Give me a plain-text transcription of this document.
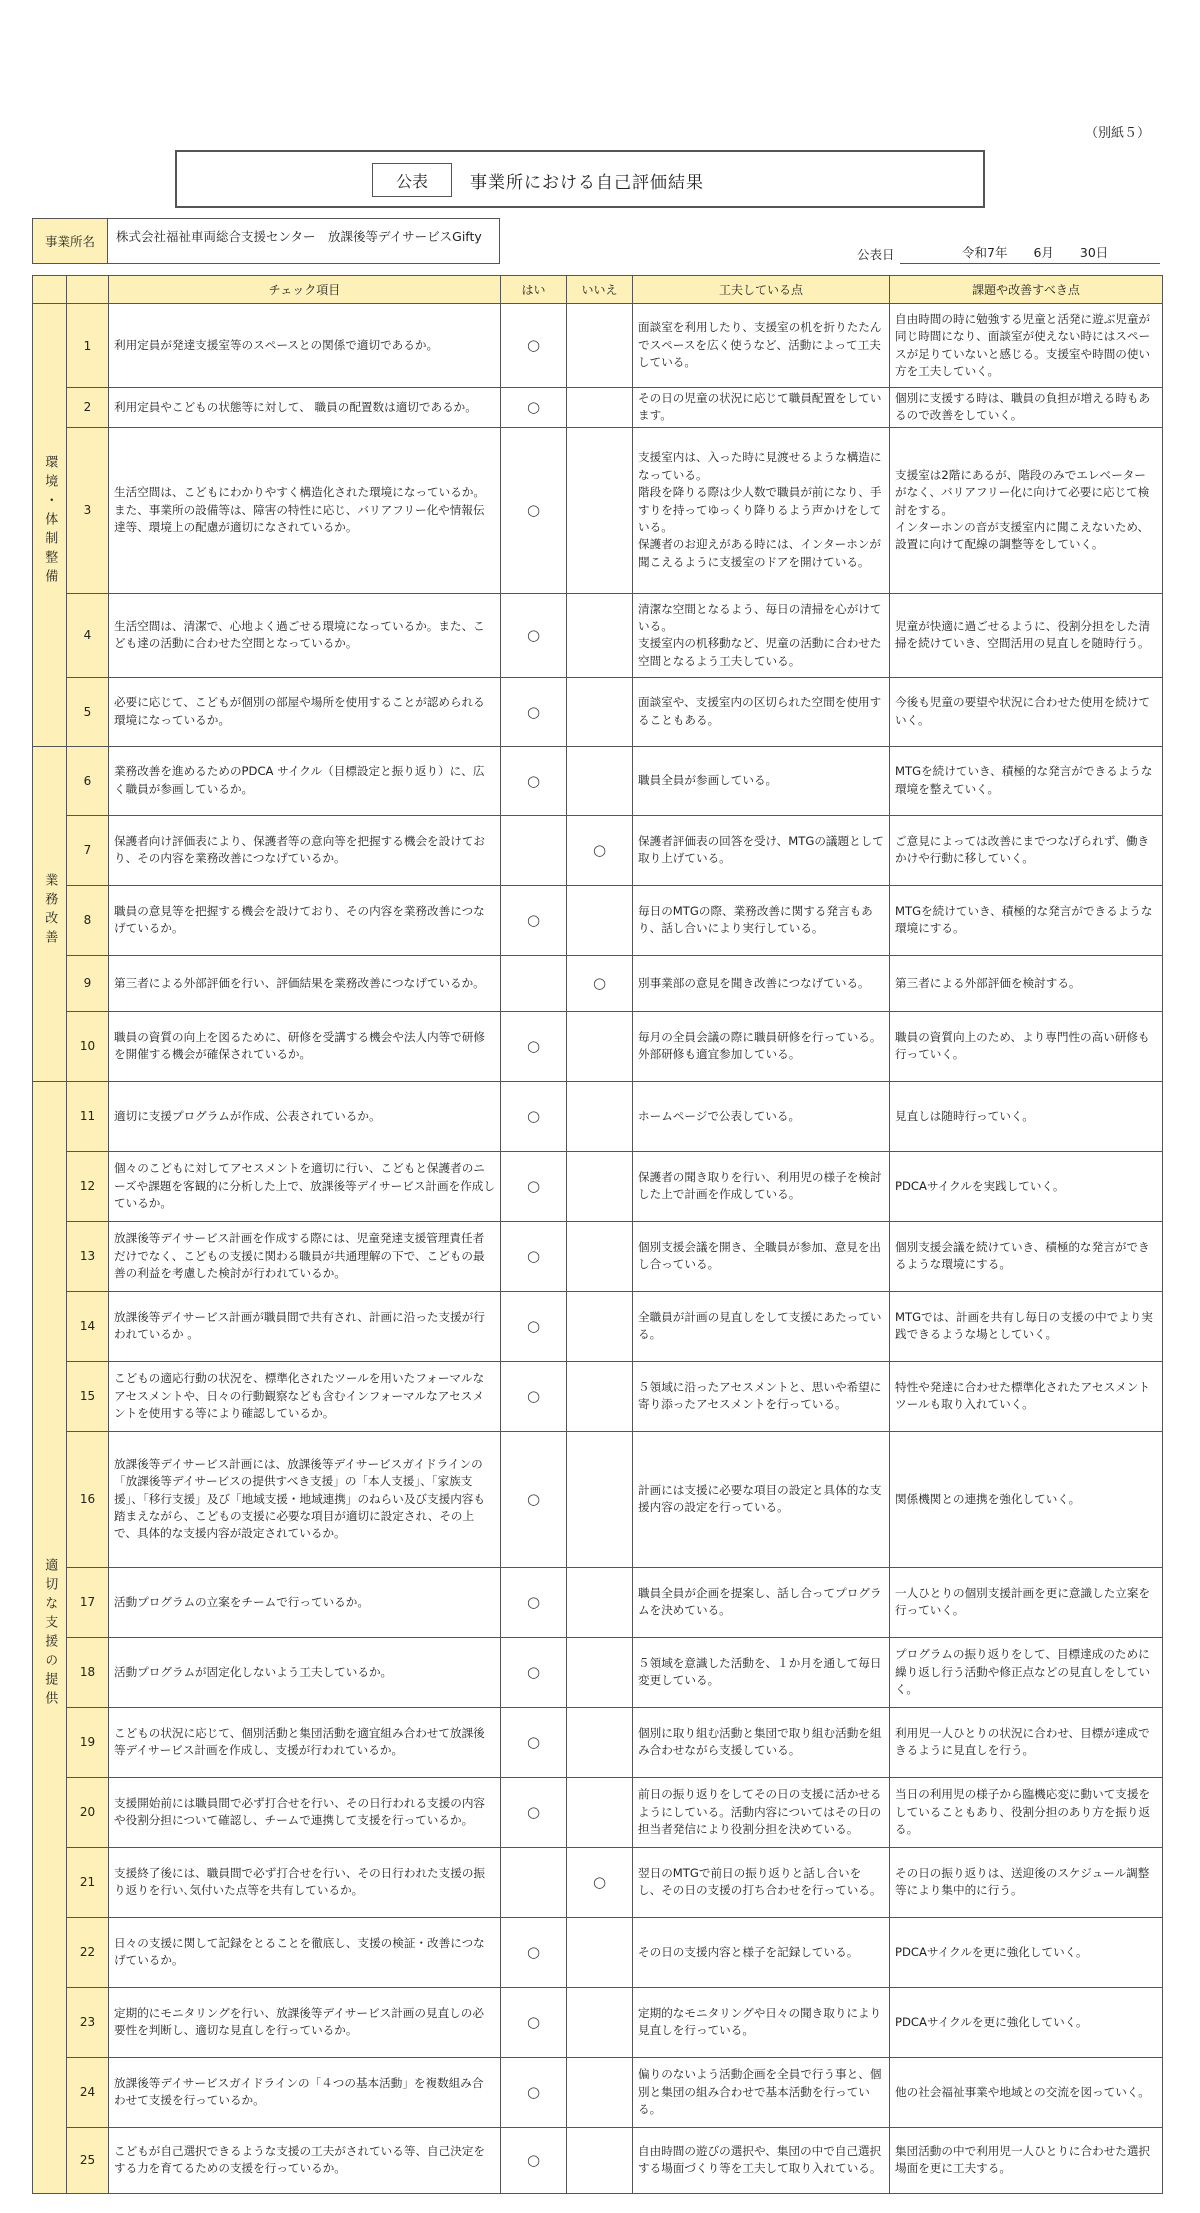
（別紙５）
公表	事業所における自己評価結果
事業所名	株式会社福祉車両総合支援センター　放課後等デイサービスGifty
公表日	令和7年 6月 30日
		チェック項目	はい	いいえ	工夫している点	課題や改善すべき点
環境・体制整備	1	利用定員が発達支援室等のスペースとの関係で適切であるか。	○		面談室を利用したり、支援室の机を折りたたんでスペースを広く使うなど、活動によって工夫している。	自由時間の時に勉強する児童と活発に遊ぶ児童が同じ時間になり、面談室が使えない時にはスペースが足りていないと感じる。支援室や時間の使い方を工夫していく。
	2	利用定員やこどもの状態等に対して、 職員の配置数は適切であるか。	○		その日の児童の状況に応じて職員配置をしています。	個別に支援する時は、職員の負担が増える時もあるので改善をしていく。
	3	生活空間は、こどもにわかりやすく構造化された環境になっているか。また、事業所の設備等は、障害の特性に応じ、バリアフリー化や情報伝達等、環境上の配慮が適切になされているか。	○		支援室内は、入った時に見渡せるような構造になっている。
階段を降りる際は少人数で職員が前になり、手すりを持ってゆっくり降りるよう声かけをしている。
保護者のお迎えがある時には、インターホンが聞こえるように支援室のドアを開けている。	支援室は2階にあるが、階段のみでエレベーターがなく、バリアフリー化に向けて必要に応じて検討をする。
インターホンの音が支援室内に聞こえないため、設置に向けて配線の調整等をしていく。
	4	生活空間は、清潔で、心地よく過ごせる環境になっているか。また、こども達の活動に合わせた空間となっているか。	○		清潔な空間となるよう、毎日の清掃を心がけている。
支援室内の机移動など、児童の活動に合わせた空間となるよう工夫している。	児童が快適に過ごせるように、役割分担をした清掃を続けていき、空間活用の見直しを随時行う。
	5	必要に応じて、こどもが個別の部屋や場所を使用することが認められる環境になっているか。	○		面談室や、支援室内の区切られた空間を使用することもある。	今後も児童の要望や状況に合わせた使用を続けていく。
業務改善	6	業務改善を進めるためのPDCA サイクル（目標設定と振り返り）に、広く職員が参画しているか。	○		職員全員が参画している。	MTGを続けていき、積極的な発言ができるような環境を整えていく。
	7	保護者向け評価表により、保護者等の意向等を把握する機会を設けており、その内容を業務改善につなげているか。		○	保護者評価表の回答を受け、MTGの議題として取り上げている。	ご意見によっては改善にまでつなげられず、働きかけや行動に移していく。
	8	職員の意見等を把握する機会を設けており、その内容を業務改善につなげているか。	○		毎日のMTGの際、業務改善に関する発言もあり、話し合いにより実行している。	MTGを続けていき、積極的な発言ができるような環境にする。
	9	第三者による外部評価を行い、評価結果を業務改善につなげているか。		○	別事業部の意見を聞き改善につなげている。	第三者による外部評価を検討する。
	10	職員の資質の向上を図るために、研修を受講する機会や法人内等で研修を開催する機会が確保されているか。	○		毎月の全員会議の際に職員研修を行っている。
外部研修も適宜参加している。	職員の資質向上のため、より専門性の高い研修も行っていく。
適切な支援の提供	11	適切に支援プログラムが作成、公表されているか。	○		ホームページで公表している。	見直しは随時行っていく。
	12	個々のこどもに対してアセスメントを適切に行い、こどもと保護者のニーズや課題を客観的に分析した上で、放課後等デイサービス計画を作成しているか。	○		保護者の聞き取りを行い、利用児の様子を検討した上で計画を作成している。	PDCAサイクルを実践していく。
	13	放課後等デイサービス計画を作成する際には、児童発達支援管理責任者だけでなく、こどもの支援に関わる職員が共通理解の下で、こどもの最善の利益を考慮した検討が行われているか。	○		個別支援会議を開き、全職員が参加、意見を出し合っている。	個別支援会議を続けていき、積極的な発言ができるような環境にする。
	14	放課後等デイサービス計画が職員間で共有され、計画に沿った支援が行われているか 。	○		全職員が計画の見直しをして支援にあたっている。	MTGでは、計画を共有し毎日の支援の中でより実践できるような場としていく。
	15	こどもの適応行動の状況を、標準化されたツールを用いたフォーマルなアセスメントや、日々の行動観察なども含むインフォーマルなアセスメントを使用する等により確認しているか。	○		５領域に沿ったアセスメントと、思いや希望に寄り添ったアセスメントを行っている。	特性や発達に合わせた標準化されたアセスメントツールも取り入れていく。
	16	放課後等デイサービス計画には、放課後等デイサービスガイドラインの「放課後等デイサービスの提供すべき支援」の「本人支援」、「家族支援」、「移行支援」及び「地域支援・地域連携」のねらい及び支援内容も踏まえながら、こどもの支援に必要な項目が適切に設定され、その上で、具体的な支援内容が設定されているか。	○		計画には支援に必要な項目の設定と具体的な支援内容の設定を行っている。	関係機関との連携を強化していく。
	17	活動プログラムの立案をチームで行っているか。	○		職員全員が企画を提案し、話し合ってプログラムを決めている。	一人ひとりの個別支援計画を更に意識した立案を行っていく。
	18	活動プログラムが固定化しないよう工夫しているか。	○		５領域を意識した活動を、１か月を通して毎日変更している。	プログラムの振り返りをして、目標達成のために繰り返し行う活動や修正点などの見直しをしていく。
	19	こどもの状況に応じて、個別活動と集団活動を適宜組み合わせて放課後等デイサービス計画を作成し、支援が行われているか。	○		個別に取り組む活動と集団で取り組む活動を組み合わせながら支援している。	利用児一人ひとりの状況に合わせ、目標が達成できるように見直しを行う。
	20	支援開始前には職員間で必ず打合せを行い、その日行われる支援の内容や役割分担について確認し、チームで連携して支援を行っているか。	○		前日の振り返りをしてその日の支援に活かせるようにしている。活動内容についてはその日の担当者発信により役割分担を決めている。	当日の利用児の様子から臨機応変に動いて支援をしていることもあり、役割分担のあり方を振り返る。
	21	支援終了後には、職員間で必ず打合せを行い、その日行われた支援の振り返りを行い､気付いた点等を共有しているか。		○	翌日のMTGで前日の振り返りと話し合いをし、その日の支援の打ち合わせを行っている。	その日の振り返りは、送迎後のスケジュール調整等により集中的に行う。
	22	日々の支援に関して記録をとることを徹底し、支援の検証・改善につなげているか。	○		その日の支援内容と様子を記録している。	PDCAサイクルを更に強化していく。
	23	定期的にモニタリングを行い、放課後等デイサービス計画の見直しの必要性を判断し、適切な見直しを行っているか。	○		定期的なモニタリングや日々の聞き取りにより見直しを行っている。	PDCAサイクルを更に強化していく。
	24	放課後等デイサービスガイドラインの「４つの基本活動」を複数組み合わせて支援を行っているか。	○		偏りのないよう活動企画を全員で行う事と、個別と集団の組み合わせで基本活動を行っている。	他の社会福祉事業や地域との交流を図っていく。
	25	こどもが自己選択できるような支援の工夫がされている等、自己決定をする力を育てるための支援を行っているか。	○		自由時間の遊びの選択や、集団の中で自己選択する場面づくり等を工夫して取り入れている。	集団活動の中で利用児一人ひとりに合わせた選択場面を更に工夫する。
